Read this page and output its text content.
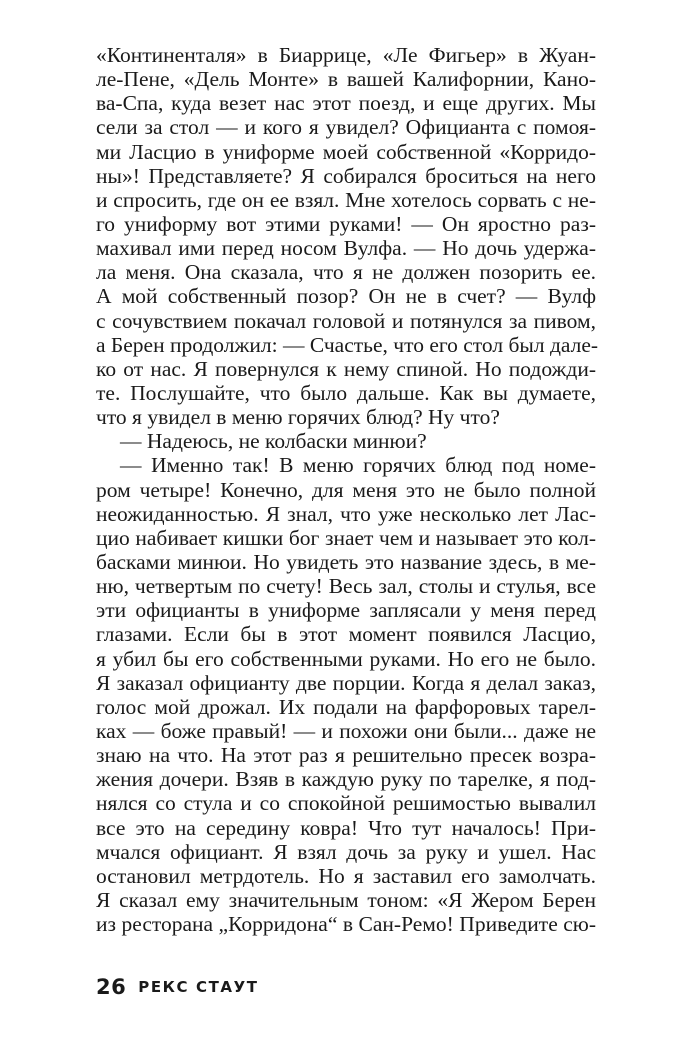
«Континенталя» в Биаррице, «Ле Фигьер» в Жуан-
ле-Пене, «Дель Монте» в вашей Калифорнии, Кано-
ва-Спа, куда везет нас этот поезд, и еще других. Мы
сели за стол — и кого я увидел? Официанта с помоя-
ми Ласцио в униформе моей собственной «Корридо-
ны»! Представляете? Я собирался броситься на него
и спросить, где он ее взял. Мне хотелось сорвать с не-
го униформу вот этими руками! — Он яростно раз-
махивал ими перед носом Вулфа. — Но дочь удержа-
ла меня. Она сказала, что я не должен позорить ее.
А мой собственный позор? Он не в счет? — Вулф
с сочувствием покачал головой и потянулся за пивом,
а Берен продолжил: — Счастье, что его стол был дале-
ко от нас. Я повернулся к нему спиной. Но подожди-
те. Послушайте, что было дальше. Как вы думаете,
что я увидел в меню горячих блюд? Ну что?
— Надеюсь, не колбаски минюи?
— Именно так! В меню горячих блюд под номе-
ром четыре! Конечно, для меня это не было полной
неожиданностью. Я знал, что уже несколько лет Лас-
цио набивает кишки бог знает чем и называет это кол-
басками минюи. Но увидеть это название здесь, в ме-
ню, четвертым по счету! Весь зал, столы и стулья, все
эти официанты в униформе заплясали у меня перед
глазами. Если бы в этот момент появился Ласцио,
я убил бы его собственными руками. Но его не было.
Я заказал официанту две порции. Когда я делал заказ,
голос мой дрожал. Их подали на фарфоровых тарел-
ках — боже правый! — и похожи они были... даже не
знаю на что. На этот раз я решительно пресек возра-
жения дочери. Взяв в каждую руку по тарелке, я под-
нялся со стула и со спокойной решимостью вывалил
все это на середину ковра! Что тут началось! При-
мчался официант. Я взял дочь за руку и ушел. Нас
остановил метрдотель. Но я заставил его замолчать.
Я сказал ему значительным тоном: «Я Жером Берен
из ресторана „Корридона“ в Сан-Ремо! Приведите сю-
26 РЕКС СТАУТ
